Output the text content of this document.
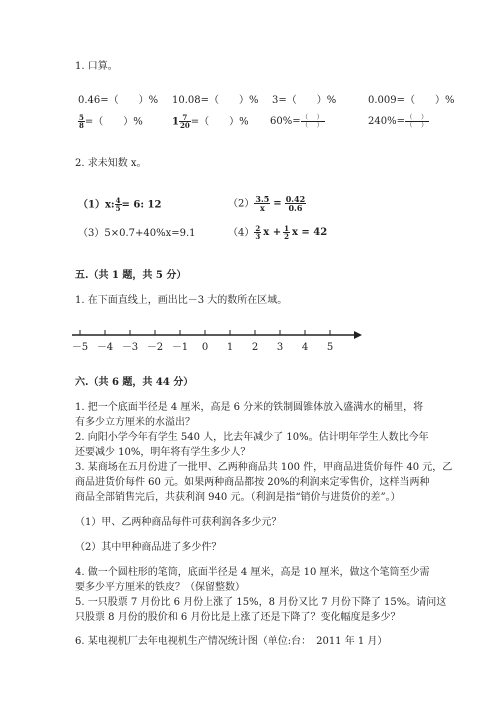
1. 口算。
0.46=（　　）% 10.08=（　　）% 3=（　　）%	0.009=（　　）%
$\frac{5}{8}$ =（　　）%	$1 \frac{7}{20}$ =（　　）% $60\%= \frac{( )}{( )}$	$240\%= \frac{( )}{( )}$
2. 求未知数 x。
（1）x: $\frac{4}{5} = 6$: 12	$(2) \frac{3.5}{x} = \frac{0.42}{0.6}$
（3）5×0.7+40%x=9.1	$(4) \frac{2}{3}$ $x + \frac{1}{2}$ x = 42
五.（共 1 题，共 5 分）
1. 在下面直线上，画出比－3 大的数所在区域。
－5 －4 －3 －2 －1 0 1 2 3 4 5
六.（共 6 题，共 44 分）
1. 把一个底面半径是 4 厘米，高是 6 分米的铁制圆锥体放入盛满水的桶里，将
有多少立方厘米的水溢出？
2. 向阳小学今年有学生 540 人，比去年减少了 10%。估计明年学生人数比今年
还要减少 10%，明年将有学生多少人？
3. 某商场在五月份进了一批甲、乙两种商品共 100 件，甲商品进货价每件 40 元，乙
商品进货价每件 60 元。如果两种商品都按 20%的利润来定零售价，这样当两种
商品全部销售完后，共获利润 940 元。（利润是指“销价与进货价的差”。）
（1）甲、乙两种商品每件可获利润各多少元？
（2）其中甲种商品进了多少件？
4. 做一个圆柱形的笔筒，底面半径是 4 厘米，高是 10 厘米，做这个笔筒至少需
要多少平方厘米的铁皮？（保留整数）
5. 一只股票 7 月份比 6 月份上涨了 15%，8 月份又比 7 月份下降了 15%。请问这
只股票 8 月份的股价和 6 月份比是上涨了还是下降了？变化幅度是多少？
6. 某电视机厂去年电视机生产情况统计图（单位:台：　2011 年 1 月）
